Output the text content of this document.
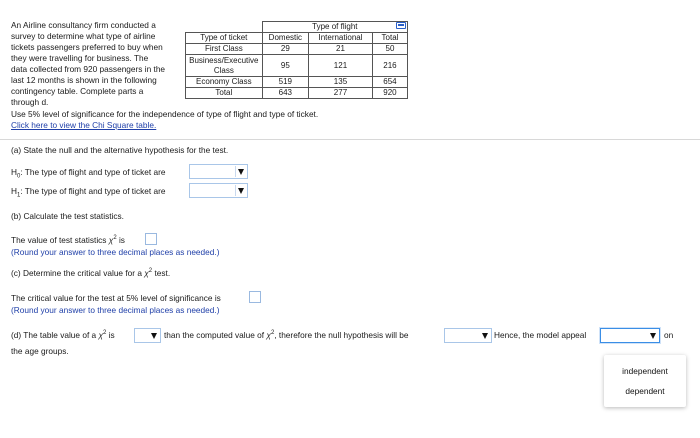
An Airline consultancy firm conducted a
survey to determine what type of airline
tickets passengers preferred to buy when
they were travelling for business. The
data collected from 920 passengers in the
last 12 months is shown in the following
contingency table. Complete parts a
through d.
Use 5% level of significance for the independence of type of flight and type of ticket.
Click here to view the Chi Square table.
	Type of flight		
Type of ticket	Domestic	International	Total
First Class	29	21	50
Business/Executive
Class	95	121	216
Economy Class	519	135	654
Total	643	277	920
(a) State the null and the alternative hypothesis for the test.
$H_0$: The type of flight and type of ticket are
$H_1$: The type of flight and type of ticket are
(b) Calculate the test statistics.
The value of test statistics $\chi^2$ is
(Round your answer to three decimal places as needed.)
(c) Determine the critical value for a $\chi^2$ test.
The critical value for the test at 5% level of significance is
(Round your answer to three decimal places as needed.)
(d) The table value of a $\chi^2$ is	than the computed value of $\chi^2$, therefore the null hypothesis will be	Hence, the model appeal	on
the age groups.
independent
dependent
